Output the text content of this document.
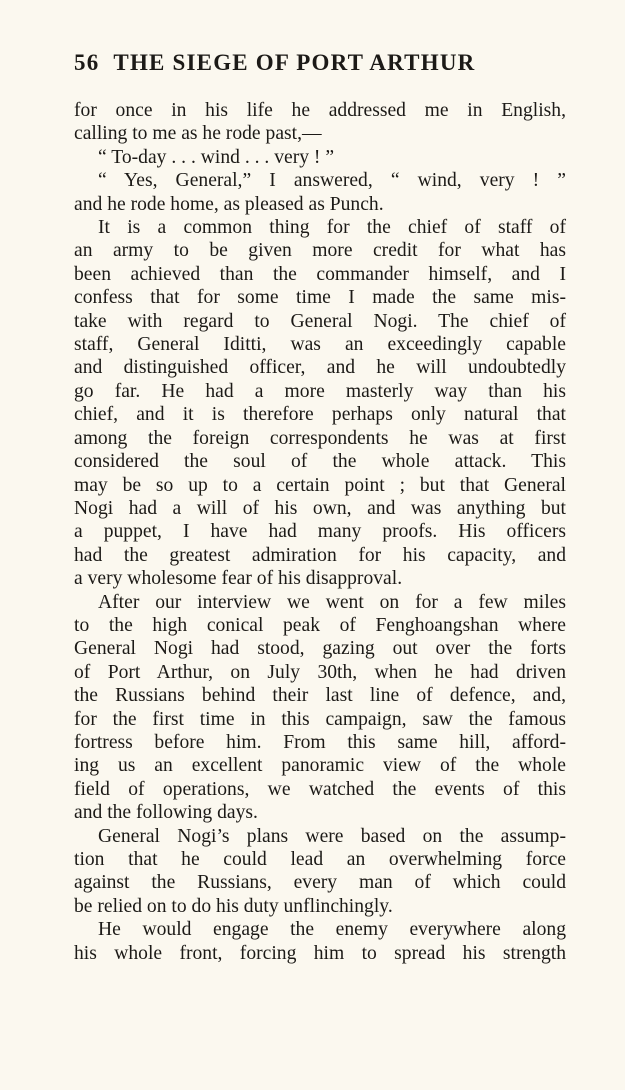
56 THE SIEGE OF PORT ARTHUR
for once in his life he addressed me in English,
calling to me as he rode past,—
“ To-day . . . wind . . . very ! ”
“ Yes, General,” I answered, “ wind, very ! ”
and he rode home, as pleased as Punch.
It is a common thing for the chief of staff of
an army to be given more credit for what has
been achieved than the commander himself, and I
confess that for some time I made the same mis-
take with regard to General Nogi. The chief of
staff, General Iditti, was an exceedingly capable
and distinguished officer, and he will undoubtedly
go far. He had a more masterly way than his
chief, and it is therefore perhaps only natural that
among the foreign correspondents he was at first
considered the soul of the whole attack. This
may be so up to a certain point ; but that General
Nogi had a will of his own, and was anything but
a puppet, I have had many proofs. His officers
had the greatest admiration for his capacity, and
a very wholesome fear of his disapproval.
After our interview we went on for a few miles
to the high conical peak of Fenghoangshan where
General Nogi had stood, gazing out over the forts
of Port Arthur, on July 30th, when he had driven
the Russians behind their last line of defence, and,
for the first time in this campaign, saw the famous
fortress before him. From this same hill, afford-
ing us an excellent panoramic view of the whole
field of operations, we watched the events of this
and the following days.
General Nogi’s plans were based on the assump-
tion that he could lead an overwhelming force
against the Russians, every man of which could
be relied on to do his duty unflinchingly.
He would engage the enemy everywhere along
his whole front, forcing him to spread his strength
